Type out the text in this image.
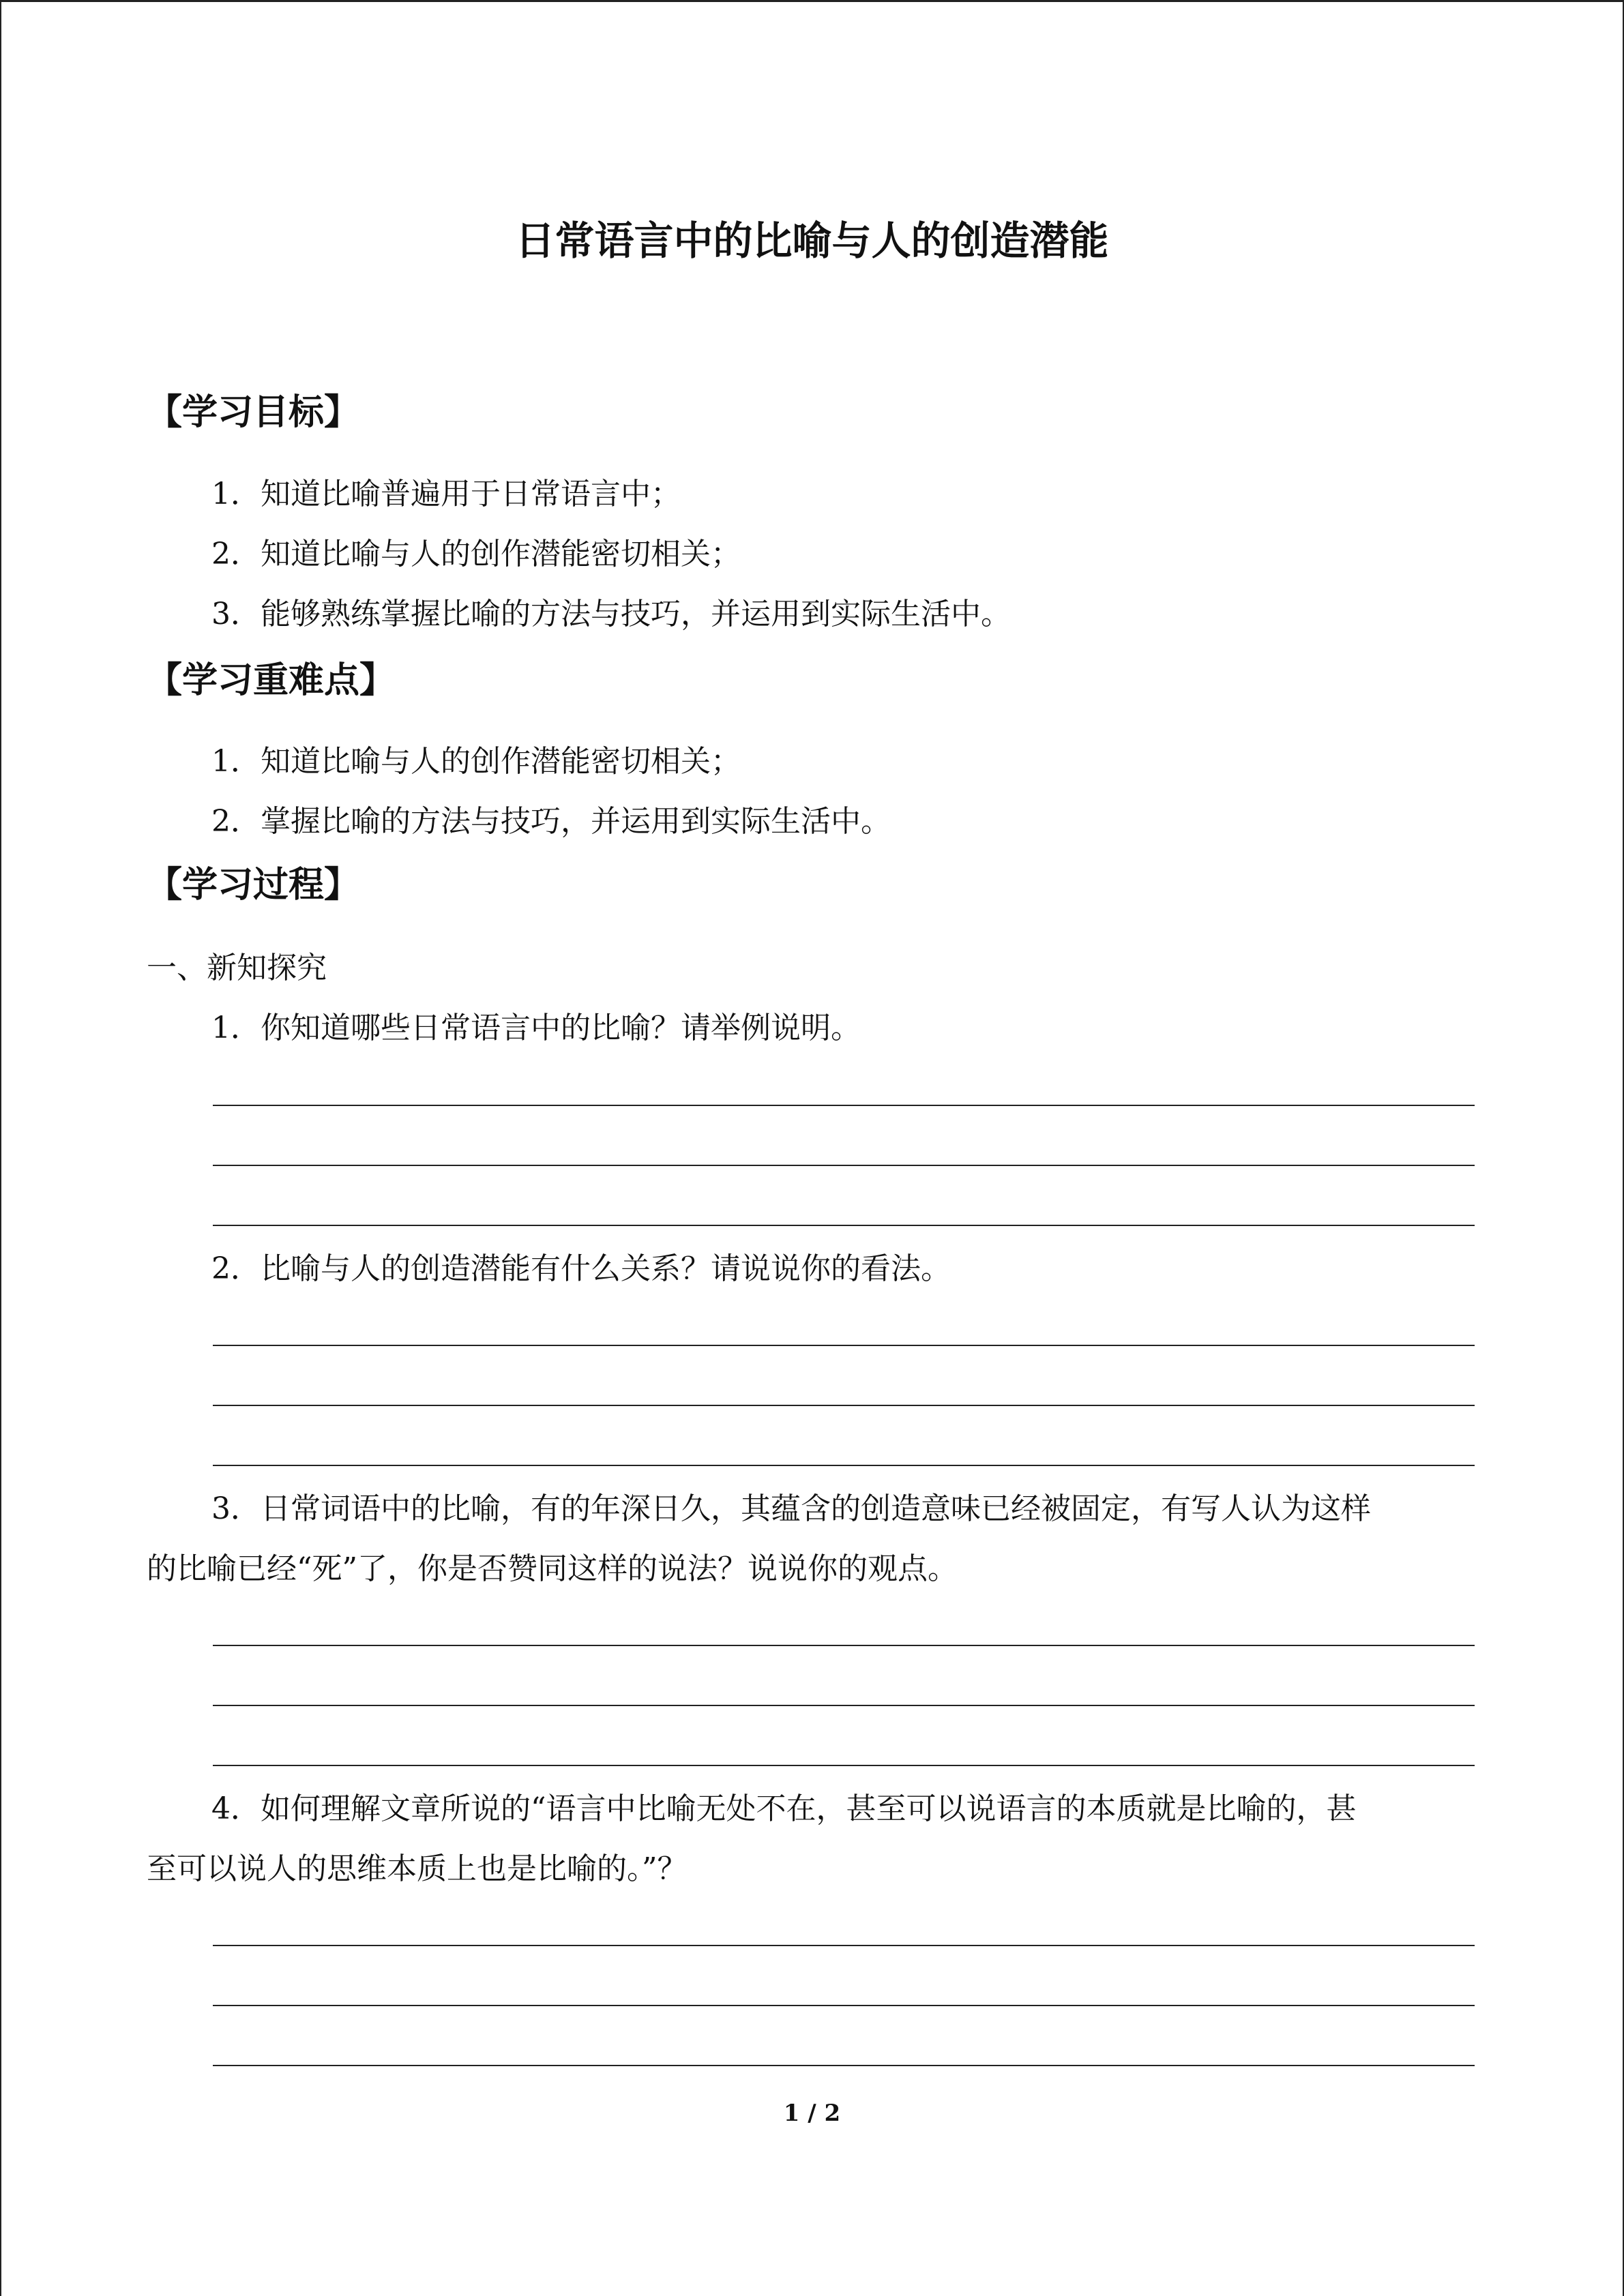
日常语言中的比喻与人的创造潜能
【学习目标】
1．知道比喻普遍用于日常语言中；
2．知道比喻与人的创作潜能密切相关；
3．能够熟练掌握比喻的方法与技巧，并运用到实际生活中。
【学习重难点】
1．知道比喻与人的创作潜能密切相关；
2．掌握比喻的方法与技巧，并运用到实际生活中。
【学习过程】
一、新知探究
1．你知道哪些日常语言中的比喻？请举例说明。
2．比喻与人的创造潜能有什么关系？请说说你的看法。
3．日常词语中的比喻，有的年深日久，其蕴含的创造意味已经被固定，有写人认为这样
的比喻已经“死”了，你是否赞同这样的说法？说说你的观点。
4．如何理解文章所说的“语言中比喻无处不在，甚至可以说语言的本质就是比喻的，甚
至可以说人的思维本质上也是比喻的。”？
1 / 2
